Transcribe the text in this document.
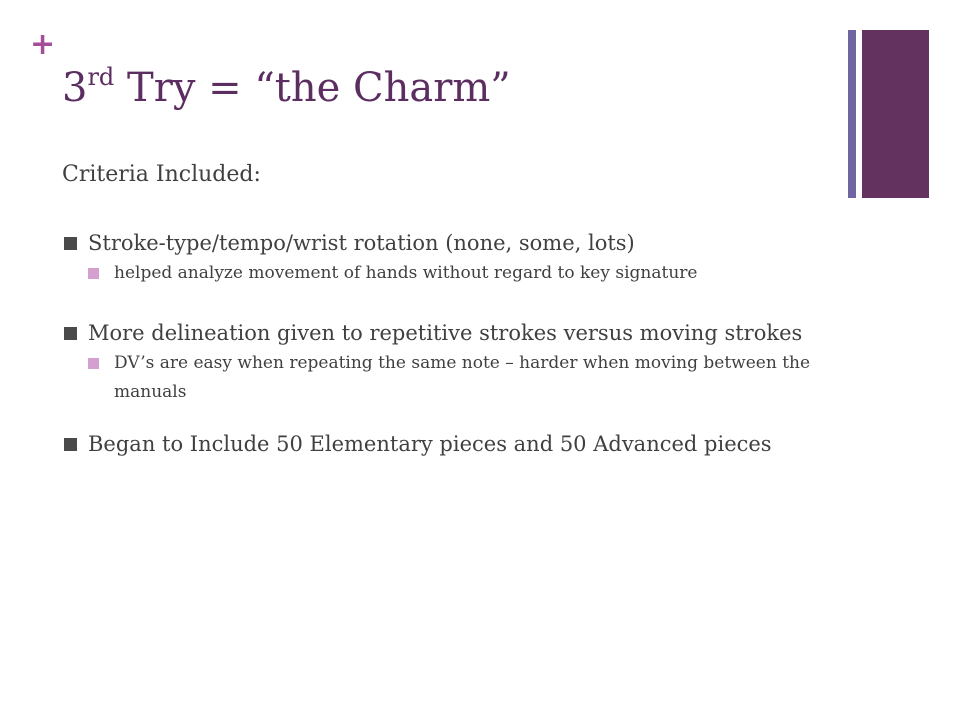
+
3rd Try = “the Charm”
Criteria Included:
Stroke-type/tempo/wrist rotation (none, some, lots)
helped analyze movement of hands without regard to key signature
More delineation given to repetitive strokes versus moving strokes
DV’s are easy when repeating the same note – harder when moving between the manuals
Began to Include 50 Elementary pieces and 50 Advanced pieces
